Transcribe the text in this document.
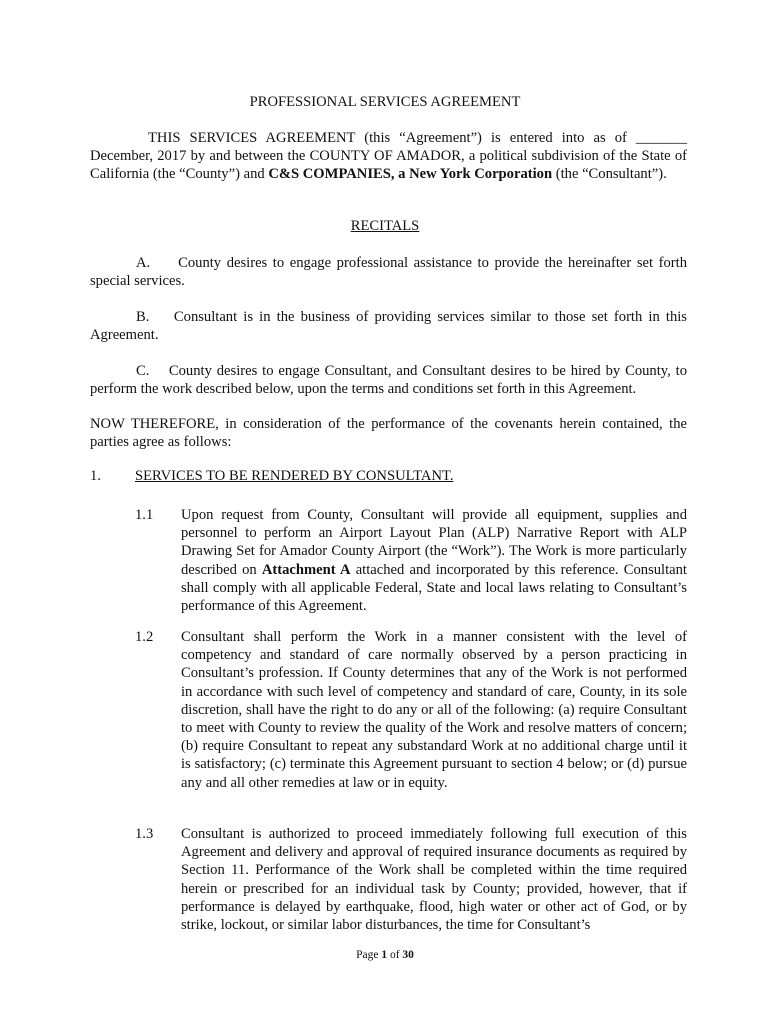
PROFESSIONAL SERVICES AGREEMENT
THIS SERVICES AGREEMENT (this “Agreement”) is entered into as of _______ December, 2017 by and between the COUNTY OF AMADOR, a political subdivision of the State of California (the “County”) and C&S COMPANIES, a New York Corporation (the “Consultant”).
RECITALS
A.     County desires to engage professional assistance to provide the hereinafter set forth special services.
B.    Consultant is in the business of providing services similar to those set forth in this Agreement.
C.    County desires to engage Consultant, and Consultant desires to be hired by County, to perform the work described below, upon the terms and conditions set forth in this Agreement.
NOW THEREFORE, in consideration of the performance of the covenants herein contained, the parties agree as follows:
1. SERVICES TO BE RENDERED BY CONSULTANT.
1.1 Upon request from County, Consultant will provide all equipment, supplies and personnel to perform an Airport Layout Plan (ALP) Narrative Report with ALP Drawing Set for Amador County Airport (the “Work”). The Work is more particularly described on Attachment A attached and incorporated by this reference. Consultant shall comply with all applicable Federal, State and local laws relating to Consultant’s performance of this Agreement.
1.2 Consultant shall perform the Work in a manner consistent with the level of competency and standard of care normally observed by a person practicing in Consultant’s profession. If County determines that any of the Work is not performed in accordance with such level of competency and standard of care, County, in its sole discretion, shall have the right to do any or all of the following: (a) require Consultant to meet with County to review the quality of the Work and resolve matters of concern; (b) require Consultant to repeat any substandard Work at no additional charge until it is satisfactory; (c) terminate this Agreement pursuant to section 4 below; or (d) pursue any and all other remedies at law or in equity.
1.3 Consultant is authorized to proceed immediately following full execution of this Agreement and delivery and approval of required insurance documents as required by Section 11. Performance of the Work shall be completed within the time required herein or prescribed for an individual task by County; provided, however, that if performance is delayed by earthquake, flood, high water or other act of God, or by strike, lockout, or similar labor disturbances, the time for Consultant’s
Page 1 of 30
